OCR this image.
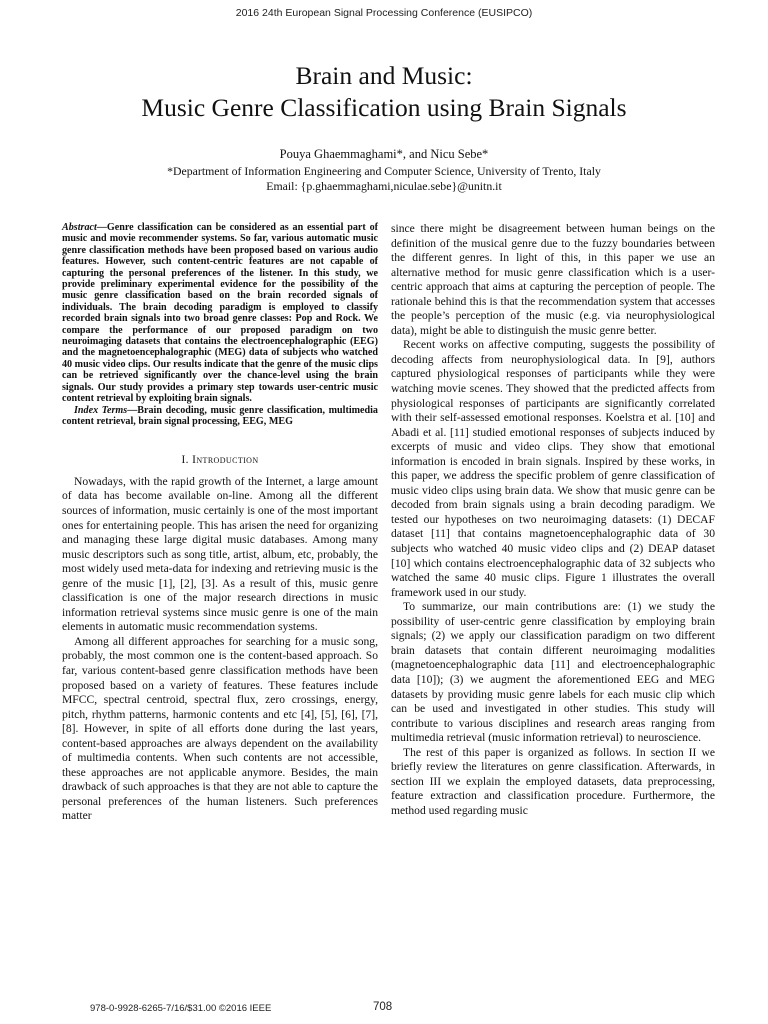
2016 24th European Signal Processing Conference (EUSIPCO)
Brain and Music:
Music Genre Classification using Brain Signals
Pouya Ghaemmaghami*, and Nicu Sebe*
*Department of Information Engineering and Computer Science, University of Trento, Italy
Email: {p.ghaemmaghami,niculae.sebe}@unitn.it

Abstract—Genre classification can be considered as an essential part of music and movie recommender systems. So far, various automatic music genre classification methods have been proposed based on various audio features. However, such content-centric features are not capable of capturing the personal preferences of the listener. In this study, we provide preliminary experimental evidence for the possibility of the music genre classification based on the brain recorded signals of individuals. The brain decoding paradigm is employed to classify recorded brain signals into two broad genre classes: Pop and Rock. We compare the performance of our proposed paradigm on two neuroimaging datasets that contains the electroencephalographic (EEG) and the magnetoencephalographic (MEG) data of subjects who watched 40 music video clips. Our results indicate that the genre of the music clips can be retrieved significantly over the chance-level using the brain signals. Our study provides a primary step towards user-centric music content retrieval by exploiting brain signals.

Index Terms—Brain decoding, music genre classification, multimedia content retrieval, brain signal processing, EEG, MEG

I. Introduction

Nowadays, with the rapid growth of the Internet, a large amount of data has become available on-line. Among all the different sources of information, music certainly is one of the most important ones for entertaining people. This has arisen the need for organizing and managing these large digital music databases. Among many music descriptors such as song title, artist, album, etc, probably, the most widely used meta-data for indexing and retrieving music is the genre of the music [1], [2], [3]. As a result of this, music genre classification is one of the major research directions in music information retrieval systems since music genre is one of the main elements in automatic music recommendation systems.

Among all different approaches for searching for a music song, probably, the most common one is the content-based approach. So far, various content-based genre classification methods have been proposed based on a variety of features. These features include MFCC, spectral centroid, spectral flux, zero crossings, energy, pitch, rhythm patterns, harmonic contents and etc [4], [5], [6], [7], [8]. However, in spite of all efforts done during the last years, content-based approaches are always dependent on the availability of multimedia contents. When such contents are not accessible, these approaches are not applicable anymore. Besides, the main drawback of such approaches is that they are not able to capture the personal preferences of the human listeners. Such preferences matter

since there might be disagreement between human beings on the definition of the musical genre due to the fuzzy boundaries between the different genres. In light of this, in this paper we use an alternative method for music genre classification which is a user-centric approach that aims at capturing the perception of people. The rationale behind this is that the recommendation system that accesses the people’s perception of the music (e.g. via neurophysiological data), might be able to distinguish the music genre better.

Recent works on affective computing, suggests the possibility of decoding affects from neurophysiological data. In [9], authors captured physiological responses of participants while they were watching movie scenes. They showed that the predicted affects from physiological responses of participants are significantly correlated with their self-assessed emotional responses. Koelstra et al. [10] and Abadi et al. [11] studied emotional responses of subjects induced by excerpts of music and video clips. They show that emotional information is encoded in brain signals. Inspired by these works, in this paper, we address the specific problem of genre classification of music video clips using brain data. We show that music genre can be decoded from brain signals using a brain decoding paradigm. We tested our hypotheses on two neuroimaging datasets: (1) DECAF dataset [11] that contains magnetoencephalographic data of 30 subjects who watched 40 music video clips and (2) DEAP dataset [10] which contains electroencephalographic data of 32 subjects who watched the same 40 music clips. Figure 1 illustrates the overall framework used in our study.

To summarize, our main contributions are: (1) we study the possibility of user-centric genre classification by employing brain signals; (2) we apply our classification paradigm on two different brain datasets that contain different neuroimaging modalities (magnetoencephalographic data [11] and electroencephalographic data [10]); (3) we augment the aforementioned EEG and MEG datasets by providing music genre labels for each music clip which can be used and investigated in other studies. This study will contribute to various disciplines and research areas ranging from multimedia retrieval (music information retrieval) to neuroscience.

The rest of this paper is organized as follows. In section II we briefly review the literatures on genre classification. Afterwards, in section III we explain the employed datasets, data preprocessing, feature extraction and classification procedure. Furthermore, the method used regarding music

978-0-9928-6265-7/16/$31.00 ©2016 IEEE	708
